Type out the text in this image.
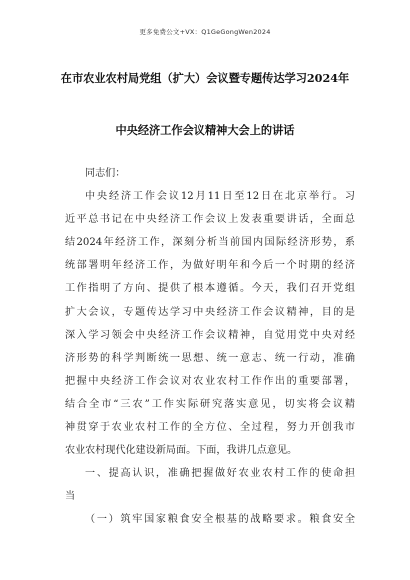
更多免费公文+VX：Q1GeGongWen2024
在市农业农村局党组（扩大）会议暨专题传达学习2024年
中央经济工作会议精神大会上的讲话
同志们：
中央经济工作会议12月11日至12日在北京举行。习
近平总书记在中央经济工作会议上发表重要讲话，全面总
结2024年经济工作，深刻分析当前国内国际经济形势，系
统部署明年经济工作，为做好明年和今后一个时期的经济
工作指明了方向、提供了根本遵循。今天，我们召开党组
扩大会议，专题传达学习中央经济工作会议精神，目的是
深入学习领会中央经济工作会议精神，自觉用党中央对经
济形势的科学判断统一思想、统一意志、统一行动，准确
把握中央经济工作会议对农业农村工作作出的重要部署，
结合全市“三农”工作实际研究落实意见，切实将会议精
神贯穿于农业农村工作的全方位、全过程，努力开创我市
农业农村现代化建设新局面。下面，我讲几点意见。
一、提高认识，准确把握做好农业农村工作的使命担
当
（一）筑牢国家粮食安全根基的战略要求。粮食安全
